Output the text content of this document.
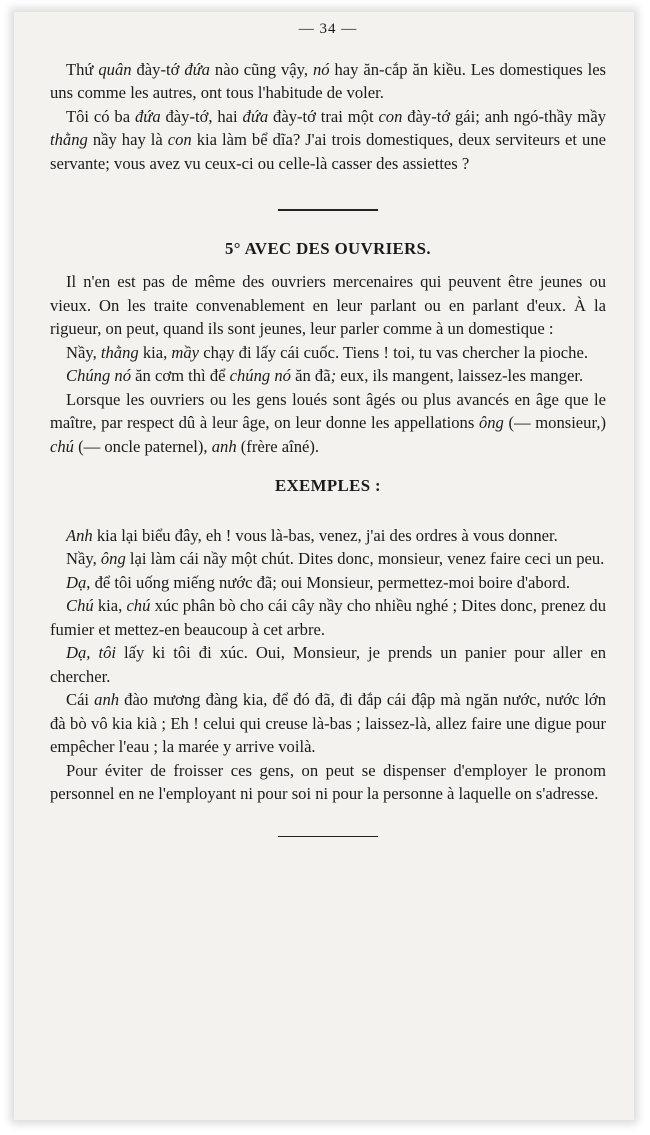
— 34 —

Thứ quân đày-tớ đứa nào cũng vậy, nó hay ăn-cắp ăn kiều. Les domestiques les uns comme les autres, ont tous l'habitude de voler.

Tôi có ba đứa đày-tớ, hai đứa đày-tớ trai một con đày-tớ gái; anh ngó-thầy mầy thằng nầy hay là con kia làm bể dĩa? J'ai trois domestiques, deux serviteurs et une servante; vous avez vu ceux-ci ou celle-là casser des assiettes ?

5° AVEC DES OUVRIERS.

Il n'en est pas de même des ouvriers mercenaires qui peuvent être jeunes ou vieux. On les traite convenablement en leur parlant ou en parlant d'eux. À la rigueur, on peut, quand ils sont jeunes, leur parler comme à un domestique :

Nầy, thằng kia, mầy chạy đi lấy cái cuốc. Tiens ! toi, tu vas chercher la pioche.

Chúng nó ăn cơm thì để chúng nó ăn đã; eux, ils mangent, laissez-les manger.

Lorsque les ouvriers ou les gens loués sont âgés ou plus avancés en âge que le maître, par respect dû à leur âge, on leur donne les appellations ông (— monsieur,) chú (— oncle paternel), anh (frère aîné).

EXEMPLES :

Anh kia lại biểu đây, eh ! vous là-bas, venez, j'ai des ordres à vous donner.

Nầy, ông lại làm cái nầy một chút. Dites donc, monsieur, venez faire ceci un peu.

Dạ, để tôi uống miếng nước đã; oui Monsieur, permettez-moi boire d'abord.

Chú kia, chú xúc phân bò cho cái cây nầy cho nhiều nghé ; Dites donc, prenez du fumier et mettez-en beaucoup à cet arbre.

Dạ, tôi lấy ki tôi đi xúc. Oui, Monsieur, je prends un panier pour aller en chercher.

Cái anh đào mương đàng kia, để đó đã, đi đắp cái đập mà ngăn nước, nước lớn đà bò vô kia kià ; Eh ! celui qui creuse là-bas ; laissez-là, allez faire une digue pour empêcher l'eau ; la marée y arrive voilà.

Pour éviter de froisser ces gens, on peut se dispenser d'employer le pronom personnel en ne l'employant ni pour soi ni pour la personne à laquelle on s'adresse.
